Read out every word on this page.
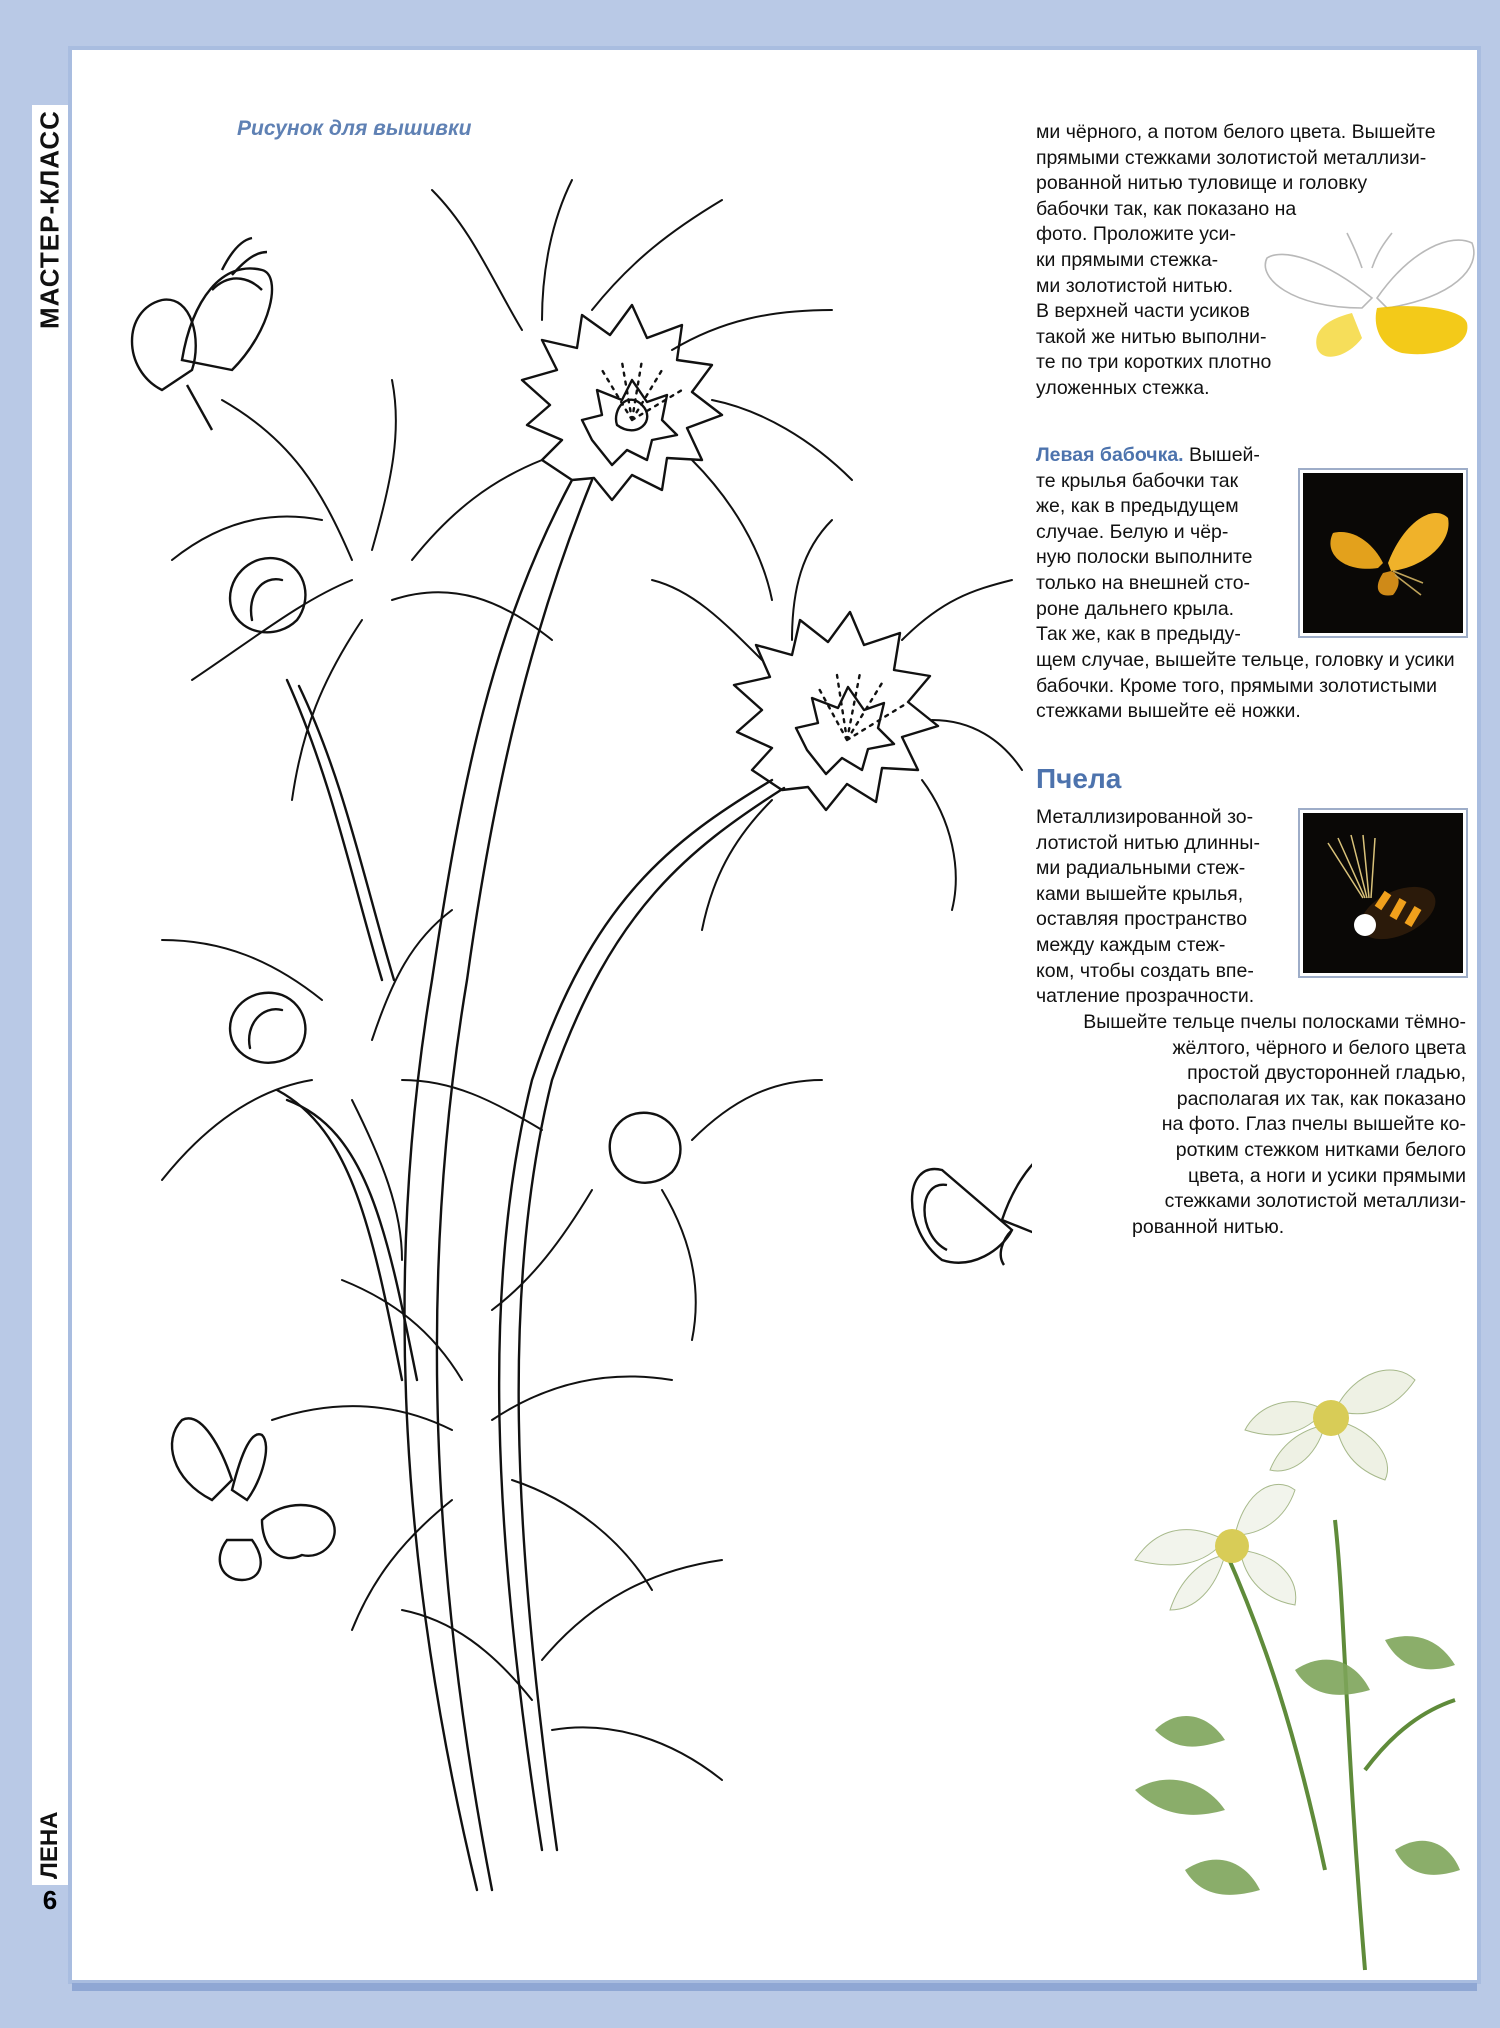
МАСТЕР-КЛАСС
ЛЕНА
6
Рисунок для вышивки	ми чёрного, а потом белого цвета. Вышейте
прямыми стежками золотистой металлизи-
рованной нитью туловище и головку
бабочки так, как показано на
фото. Проложите уси-
ки прямыми стежка-
ми золотистой нитью.
В верхней части усиков
такой же нитью выполни-
те по три коротких плотно
уложенных стежка.
Левая бабочка. Вышей-
те крылья бабочки так
же, как в предыдущем
случае. Белую и чёр-
ную полоски выполните
только на внешней сто-
роне дальнего крыла.
Так же, как в предыду-
щем случае, вышейте тельце, головку и усики
бабочки. Кроме того, прямыми золотистыми
стежками вышейте её ножки.
Пчела
Металлизированной зо-
лотистой нитью длинны-
ми радиальными стеж-
ками вышейте крылья,
оставляя пространство
между каждым стеж-
ком, чтобы создать впе-
чатление прозрачности.
Вышейте тельце пчелы полосками тёмно-
жёлтого, чёрного и белого цвета
простой двусторонней гладью,
располагая их так, как показано
на фото. Глаз пчелы вышейте ко-
ротким стежком нитками белого
цвета, а ноги и усики прямыми
стежками золотистой металлизи-
рованной нитью.
